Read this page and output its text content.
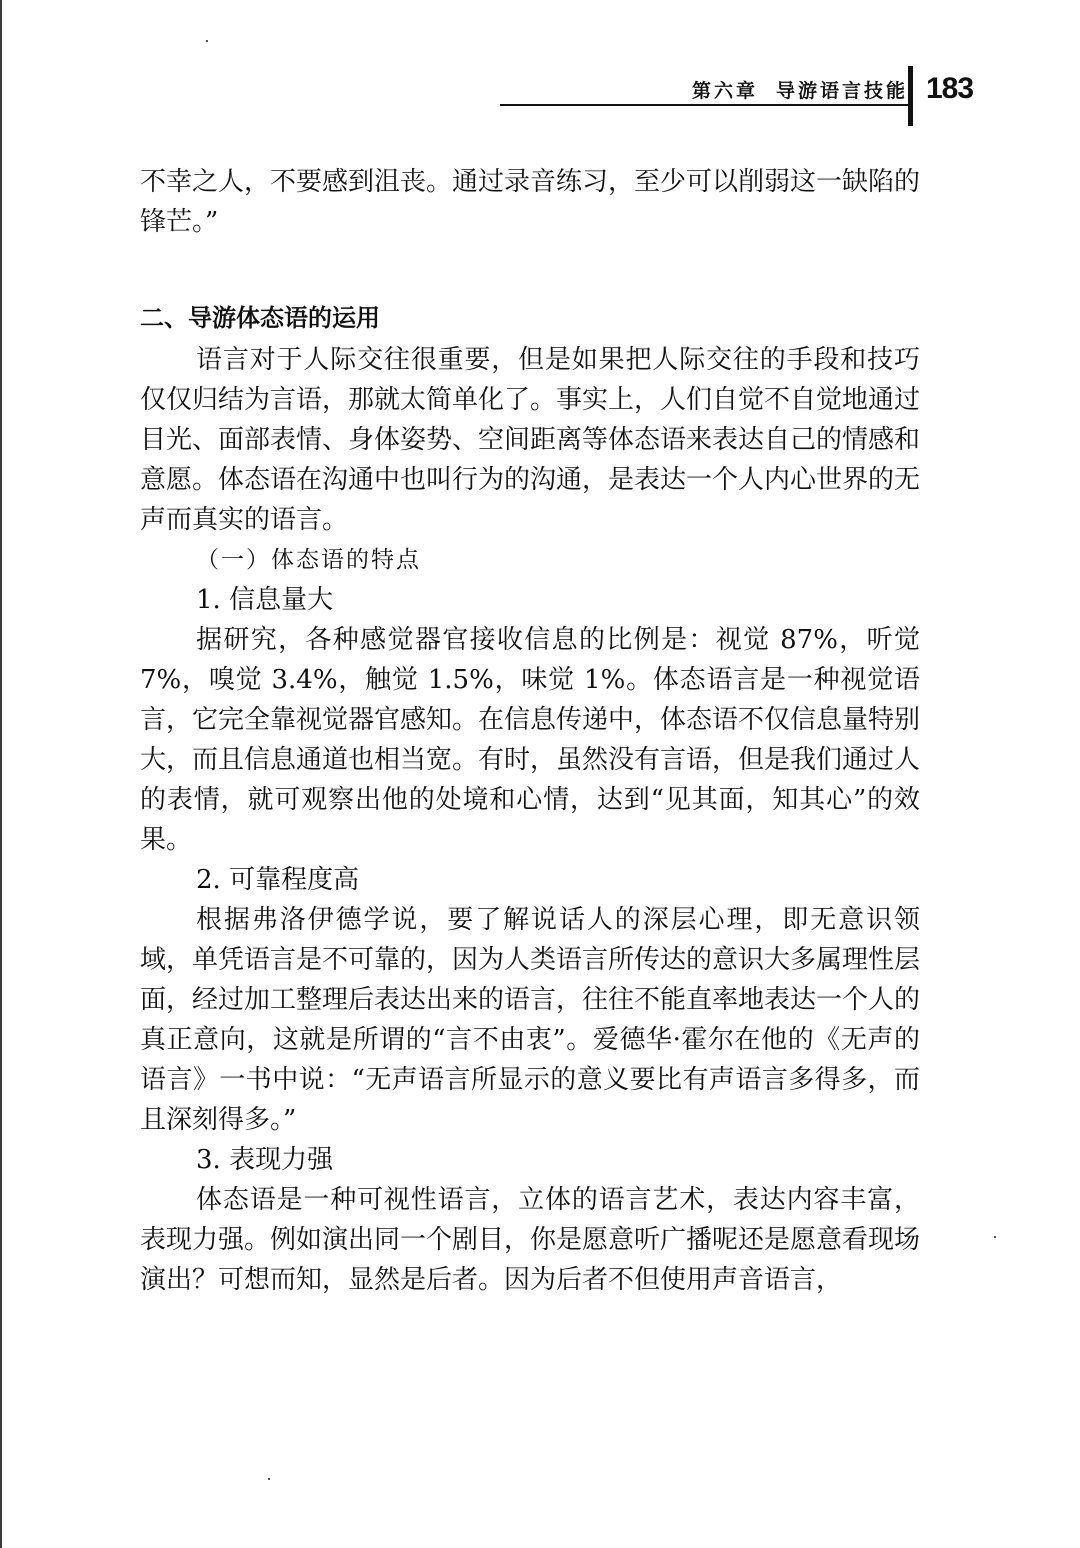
第六章 导游语言技能 183

不幸之人，不要感到沮丧。通过录音练习，至少可以削弱这一缺陷的锋芒。”

二、导游体态语的运用

语言对于人际交往很重要，但是如果把人际交往的手段和技巧仅仅归结为言语，那就太简单化了。事实上，人们自觉不自觉地通过目光、面部表情、身体姿势、空间距离等体态语来表达自己的情感和意愿。体态语在沟通中也叫行为的沟通，是表达一个人内心世界的无声而真实的语言。

（一）体态语的特点

1. 信息量大

据研究，各种感觉器官接收信息的比例是：视觉 87%，听觉 7%，嗅觉 3.4%，触觉 1.5%，味觉 1%。体态语言是一种视觉语言，它完全靠视觉器官感知。在信息传递中，体态语不仅信息量特别大，而且信息通道也相当宽。有时，虽然没有言语，但是我们通过人的表情，就可观察出他的处境和心情，达到“见其面，知其心”的效果。

2. 可靠程度高

根据弗洛伊德学说，要了解说话人的深层心理，即无意识领域，单凭语言是不可靠的，因为人类语言所传达的意识大多属理性层面，经过加工整理后表达出来的语言，往往不能直率地表达一个人的真正意向，这就是所谓的“言不由衷”。爱德华·霍尔在他的《无声的语言》一书中说：“无声语言所显示的意义要比有声语言多得多，而且深刻得多。”

3. 表现力强

体态语是一种可视性语言，立体的语言艺术，表达内容丰富，表现力强。例如演出同一个剧目，你是愿意听广播呢还是愿意看现场演出？可想而知，显然是后者。因为后者不但使用声音语言，
